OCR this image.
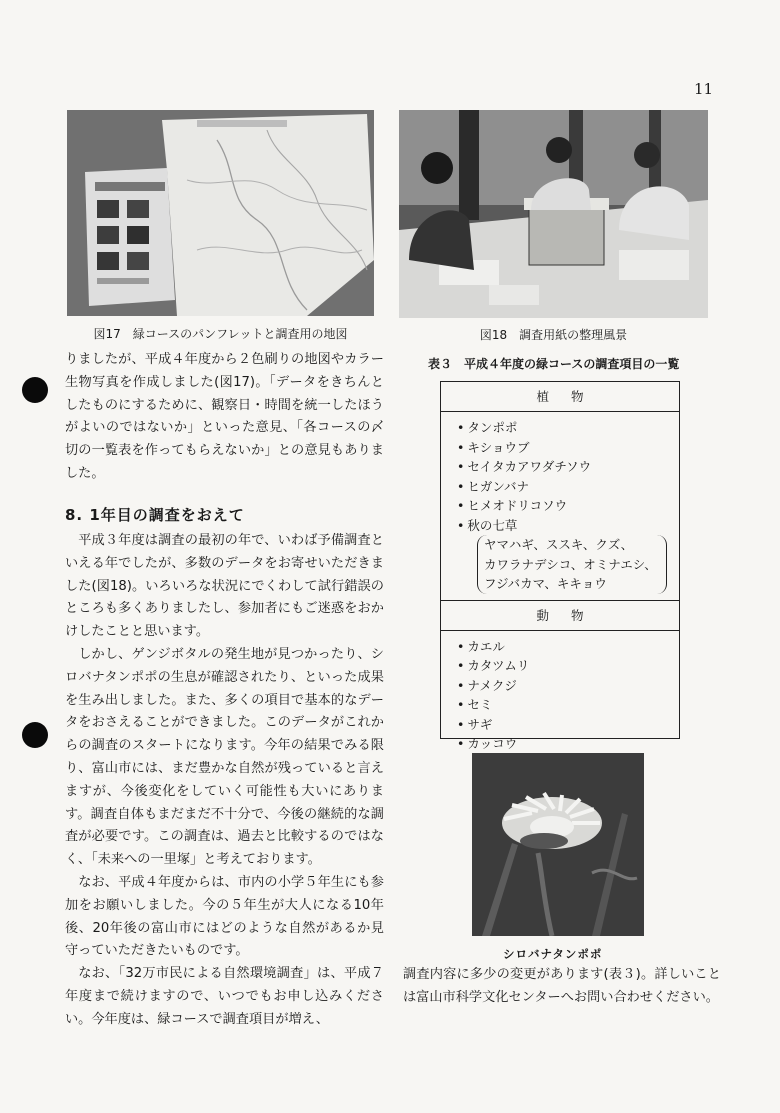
11
図17　緑コースのパンフレットと調査用の地図	図18　調査用紙の整理風景
表３　平成４年度の緑コースの調査項目の一覧
植物
• タンポポ
• キショウブ
• セイタカアワダチソウ
• ヒガンバナ
• ヒメオドリコソウ
• 秋の七草
ヤマハギ、ススキ、クズ、
カワラナデシコ、オミナエシ、
フジバカマ、キキョウ
動物
• カエル
• カタツムリ
• ナメクジ
• セミ
• サギ
• カッコウ
シロバナタンポポ

りましたが、平成４年度から２色刷りの地図やカラー生物写真を作成しました(図17)。「データをきちんとしたものにするために、観察日・時間を統一したほうがよいのではないか」といった意見、「各コースの〆切の一覧表を作ってもらえないか」との意見もありました。

8. 1年目の調査をおえて

平成３年度は調査の最初の年で、いわば予備調査といえる年でしたが、多数のデータをお寄せいただきました(図18)。いろいろな状況にでくわして試行錯誤のところも多くありましたし、参加者にもご迷惑をおかけしたことと思います。

しかし、ゲンジボタルの発生地が見つかったり、シロバナタンポポの生息が確認されたり、といった成果を生み出しました。また、多くの項目で基本的なデータをおさえることができました。このデータがこれからの調査のスタートになります。今年の結果でみる限り、富山市には、まだ豊かな自然が残っていると言えますが、今後変化をしていく可能性も大いにあります。調査自体もまだまだ不十分で、今後の継続的な調査が必要です。この調査は、過去と比較するのではなく、「未来への一里塚」と考えております。

なお、平成４年度からは、市内の小学５年生にも参加をお願いしました。今の５年生が大人になる10年後、20年後の富山市にはどのような自然があるか見守っていただきたいものです。

なお、「32万市民による自然環境調査」は、平成７年度まで続けますので、いつでもお申し込みください。今年度は、緑コースで調査項目が増え、

調査内容に多少の変更があります(表３)。詳しいことは富山市科学文化センターへお問い合わせください。
